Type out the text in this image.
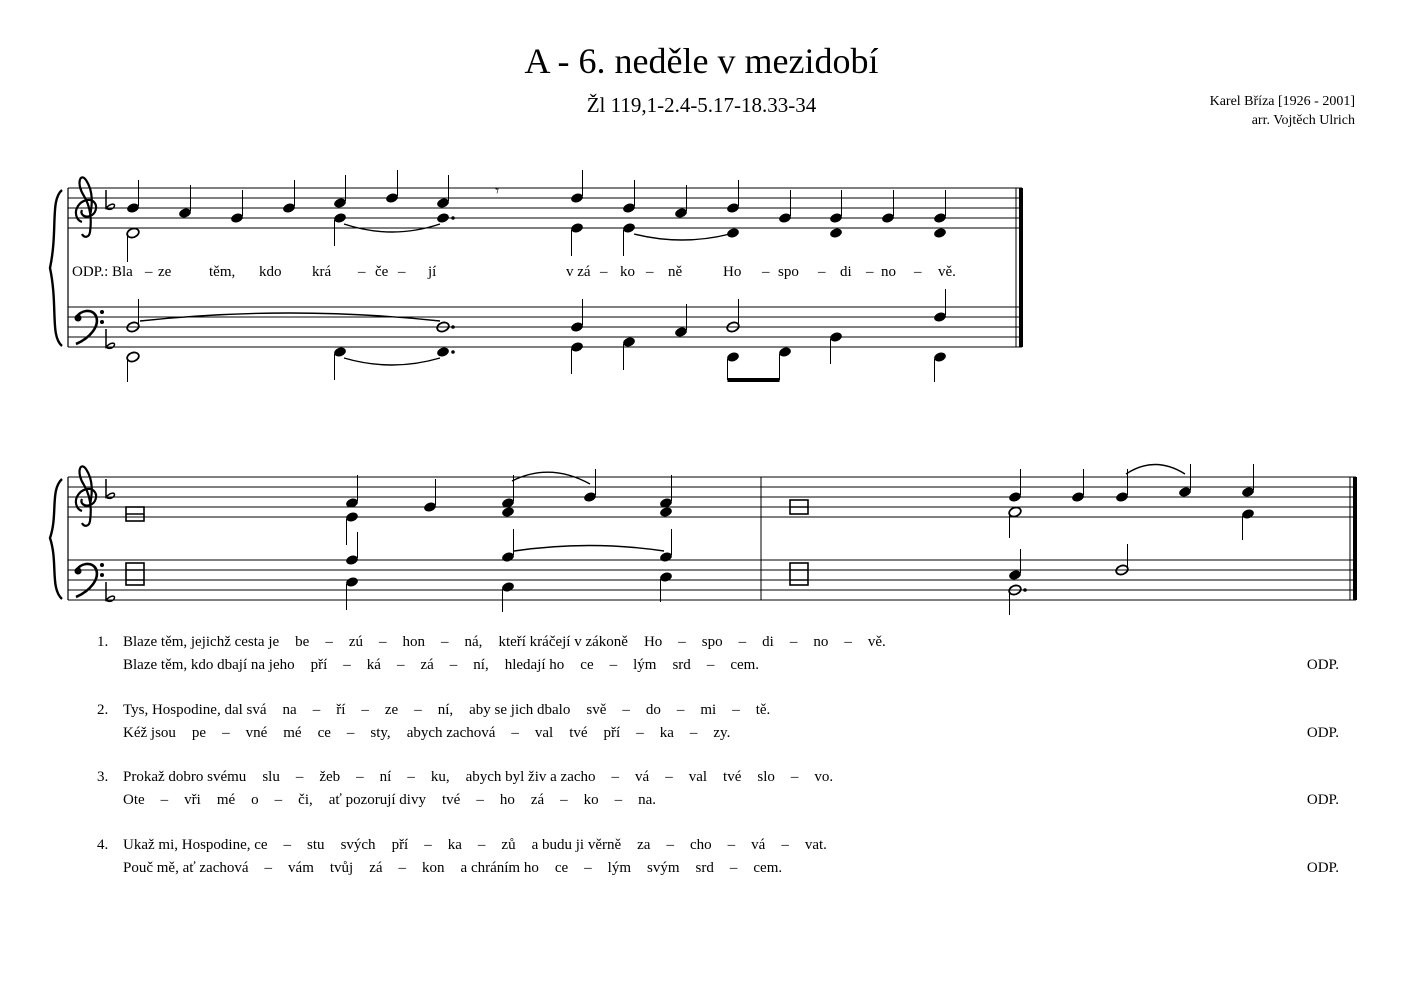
A - 6. neděle v mezidobí
Žl 119,1-2.4-5.17-18.33-34	Karel Bříza [1926 - 2001]
arr. Vojtěch Ulrich
𝄾
ODP.: Bla – ze	těm, kdo krá – če – jí	v zá – ko – ně	Ho – spo – di – no – vě.
1. Blaze těm, jejichž cesta je be – zú – hon – ná, kteří kráčejí v zákoně Ho – spo – di – no – vě.
Blaze těm, kdo dbají na jeho pří – ká – zá – ní, hledají ho ce – lým srd – cem.	ODP.
2. Tys, Hospodine, dal svá na – ří – ze – ní, aby se jich dbalo svě – do – mi – tě.
Kéž jsou pe – vné mé ce – sty, abych zachová – val tvé pří – ka – zy.	ODP.
3. Prokaž dobro svému slu – žeb – ní – ku, abych byl živ a zacho – vá – val tvé slo – vo.
Ote – vři mé o – či, ať pozorují divy tvé – ho zá – ko – na.	ODP.
4. Ukaž mi, Hospodine, ce – stu svých pří – ka – zů a budu ji věrně za – cho – vá – vat.
Pouč mě, ať zachová – vám tvůj zá – kon a chráním ho ce – lým svým srd – cem.	ODP.
